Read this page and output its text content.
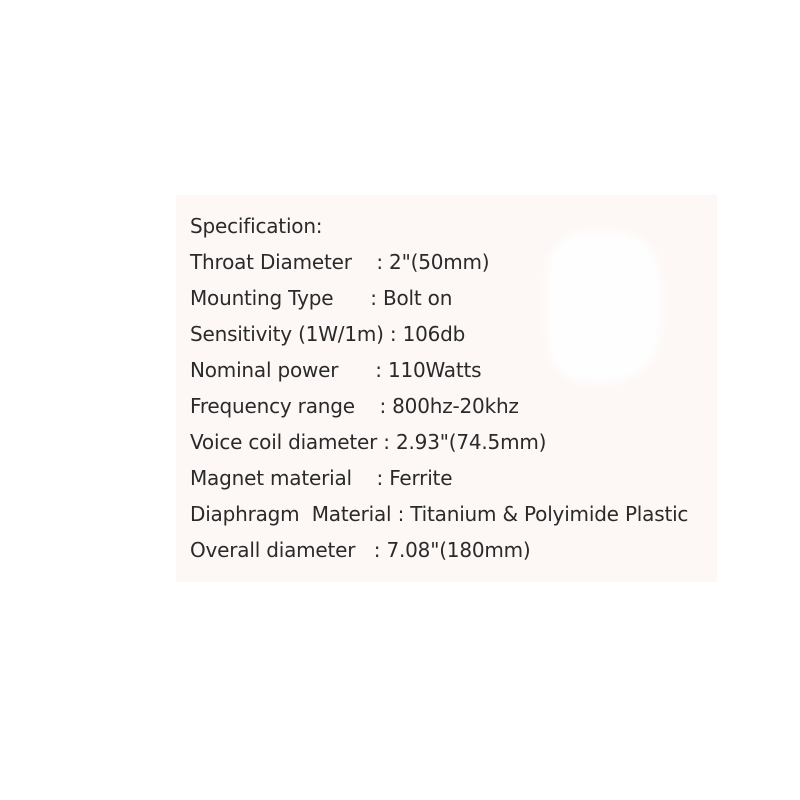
Specification:
Throat Diameter    : 2"(50mm)
Mounting Type      : Bolt on
Sensitivity (1W/1m) : 106db
Nominal power      : 110Watts
Frequency range    : 800hz-20khz
Voice coil diameter : 2.93"(74.5mm)
Magnet material    : Ferrite
Diaphragm  Material : Titanium & Polyimide Plastic
Overall diameter   : 7.08"(180mm)
